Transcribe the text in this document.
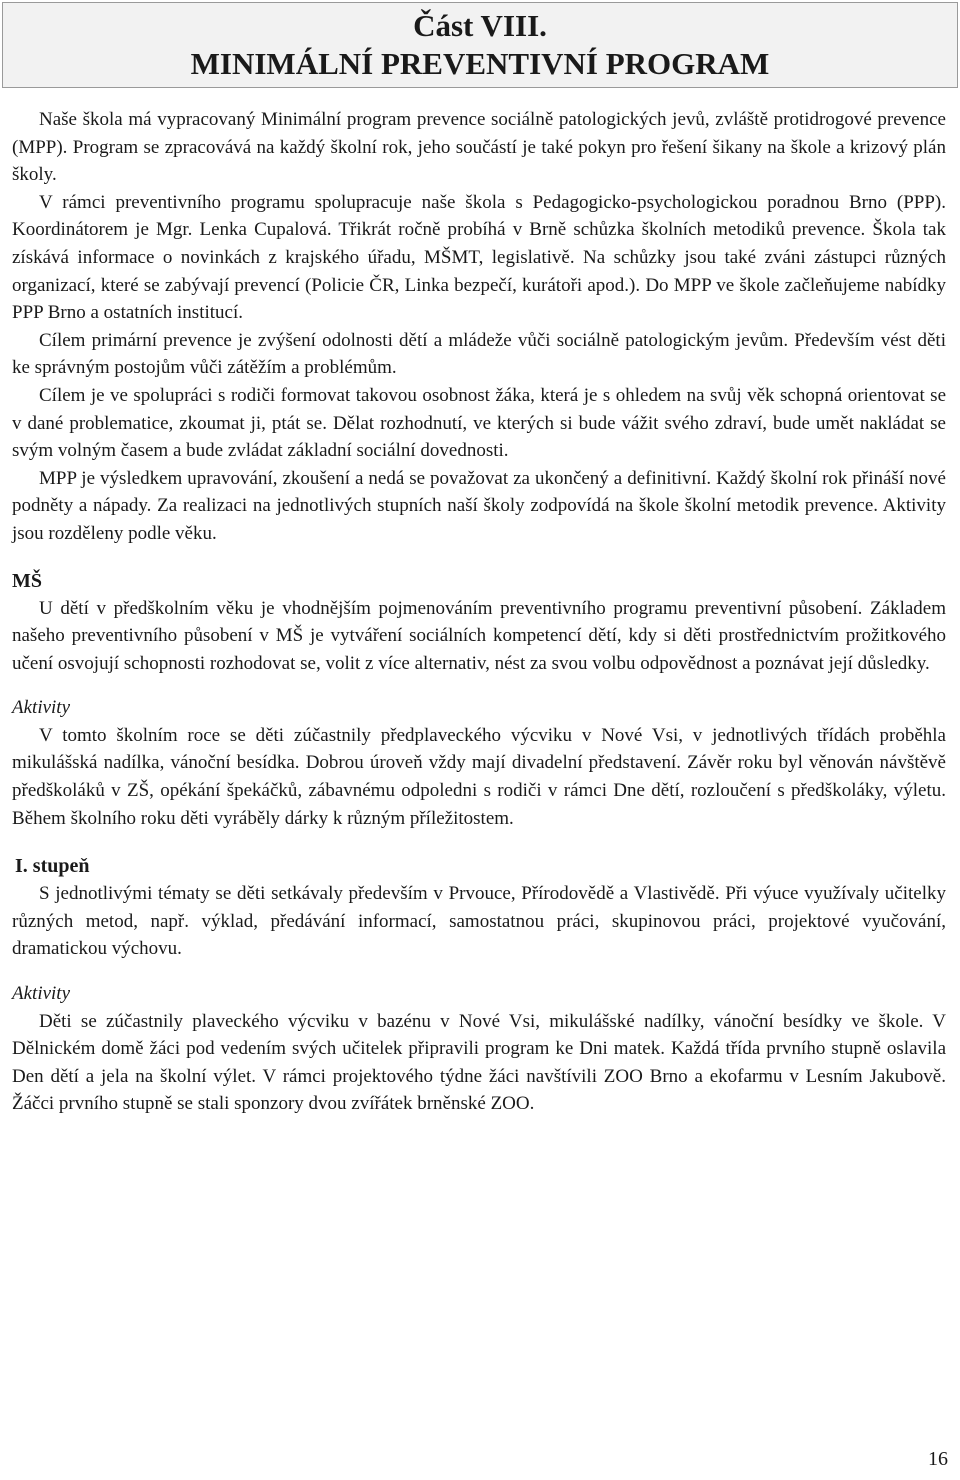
Část VIII.
MINIMÁLNÍ PREVENTIVNÍ PROGRAM

Naše škola má vypracovaný Minimální program prevence sociálně patologických jevů, zvláště protidrogové prevence (MPP). Program se zpracovává na každý školní rok, jeho součástí je také pokyn pro řešení šikany na škole a krizový plán školy.

V rámci preventivního programu spolupracuje naše škola s Pedagogicko-psychologickou poradnou Brno (PPP). Koordinátorem je Mgr. Lenka Cupalová. Třikrát ročně probíhá v Brně schůzka školních metodiků prevence. Škola tak získává informace o novinkách z krajského úřadu, MŠMT, legislativě. Na schůzky jsou také zváni zástupci různých organizací, které se zabývají prevencí (Policie ČR, Linka bezpečí, kurátoři apod.). Do MPP ve škole začleňujeme nabídky PPP Brno a ostatních institucí.

Cílem primární prevence je zvýšení odolnosti dětí a mládeže vůči sociálně patologickým jevům. Především vést děti ke správným postojům vůči zátěžím a problémům.

Cílem je ve spolupráci s rodiči formovat takovou osobnost žáka, která je s ohledem na svůj věk schopná orientovat se v dané problematice, zkoumat ji, ptát se. Dělat rozhodnutí, ve kterých si bude vážit svého zdraví, bude umět nakládat se svým volným časem a bude zvládat základní sociální dovednosti.

MPP je výsledkem upravování, zkoušení a nedá se považovat za ukončený a definitivní. Každý školní rok přináší nové podněty a nápady. Za realizaci na jednotlivých stupních naší školy zodpovídá na škole školní metodik prevence. Aktivity jsou rozděleny podle věku.

MŠ

U dětí v předškolním věku je vhodnějším pojmenováním preventivního programu preventivní působení. Základem našeho preventivního působení v MŠ je vytváření sociálních kompetencí dětí, kdy si děti prostřednictvím prožitkového učení osvojují schopnosti rozhodovat se, volit z více alternativ, nést za svou volbu odpovědnost a poznávat její důsledky.

Aktivity

V tomto školním roce se děti zúčastnily předplaveckého výcviku v Nové Vsi, v jednotlivých třídách proběhla mikulášská nadílka, vánoční besídka. Dobrou úroveň vždy mají divadelní představení. Závěr roku byl věnován návštěvě předškoláků v ZŠ, opékání špekáčků, zábavnému odpoledni s rodiči v rámci Dne dětí, rozloučení s předškoláky, výletu. Během školního roku děti vyráběly dárky k různým příležitostem.

I. stupeň

S jednotlivými tématy se děti setkávaly především v Prvouce, Přírodovědě a Vlastivědě. Při výuce využívaly učitelky různých metod, např. výklad, předávání informací, samostatnou práci, skupinovou práci, projektové vyučování, dramatickou výchovu.

Aktivity

Děti se zúčastnily plaveckého výcviku v bazénu v Nové Vsi, mikulášské nadílky, vánoční besídky ve škole. V Dělnickém domě žáci pod vedením svých učitelek připravili program ke Dni matek. Každá třída prvního stupně oslavila Den dětí a jela na školní výlet. V rámci projektového týdne žáci navštívili ZOO Brno a ekofarmu v Lesním Jakubově. Žáčci prvního stupně se stali sponzory dvou zvířátek brněnské ZOO.

16
